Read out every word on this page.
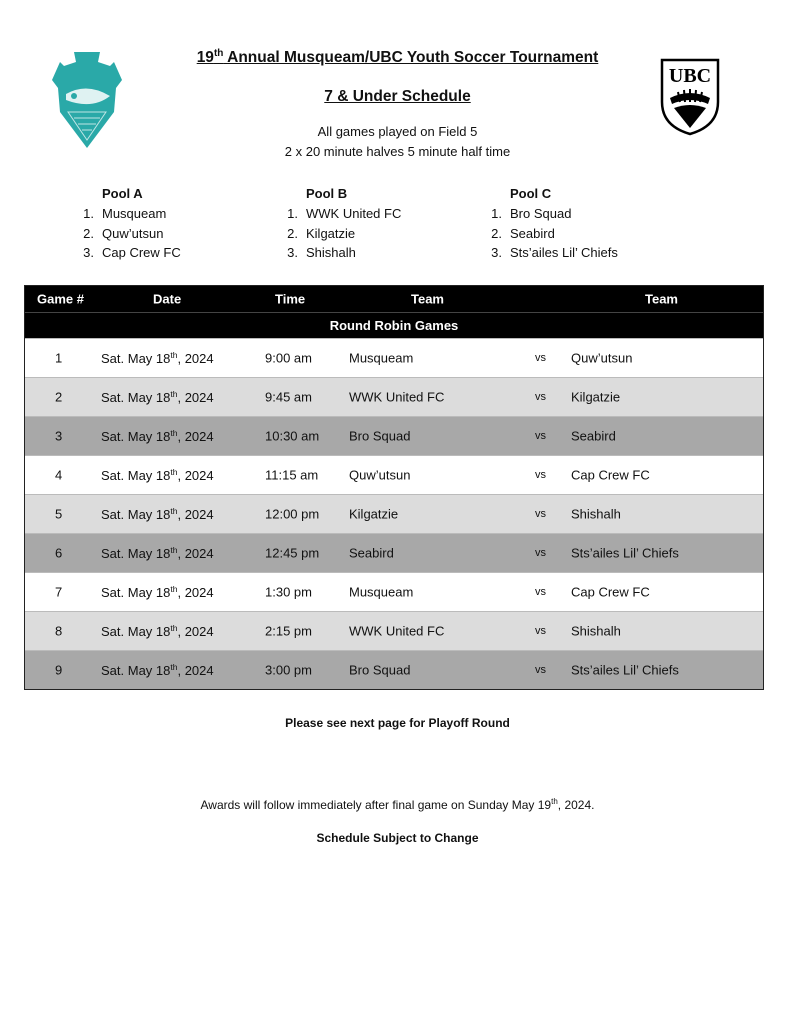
UBC
19th Annual Musqueam/UBC Youth Soccer Tournament
7 & Under Schedule
All games played on Field 5
2 x 20 minute halves 5 minute half time
Pool A
1. Musqueam
2. Quw’utsun
3. Cap Crew FC
Pool B
1. WWK United FC
2. Kilgatzie
3. Shishalh
Pool C
1. Bro Squad
2. Seabird
3. Sts’ailes Lil’ Chiefs
Game #	Date	Time	Team	Team
Round Robin Games
1	Sat. May 18th, 2024	9:00 am	Musqueam	vs Quw’utsun
2	Sat. May 18th, 2024	9:45 am	WWK United FC	vs Kilgatzie
3	Sat. May 18th, 2024	10:30 am Bro Squad	vs Seabird
4	Sat. May 18th, 2024	11:15 am Quw’utsun	vs Cap Crew FC
5	Sat. May 18th, 2024	12:00 pm Kilgatzie	vs Shishalh
6	Sat. May 18th, 2024	12:45 pm Seabird	vs Sts’ailes Lil’ Chiefs
7	Sat. May 18th, 2024	1:30 pm	Musqueam	vs Cap Crew FC
8	Sat. May 18th, 2024	2:15 pm	WWK United FC	vs Shishalh
9	Sat. May 18th, 2024	3:00 pm	Bro Squad	vs Sts’ailes Lil’ Chiefs
Please see next page for Playoff Round
Awards will follow immediately after final game on Sunday May 19th, 2024.
Schedule Subject to Change
